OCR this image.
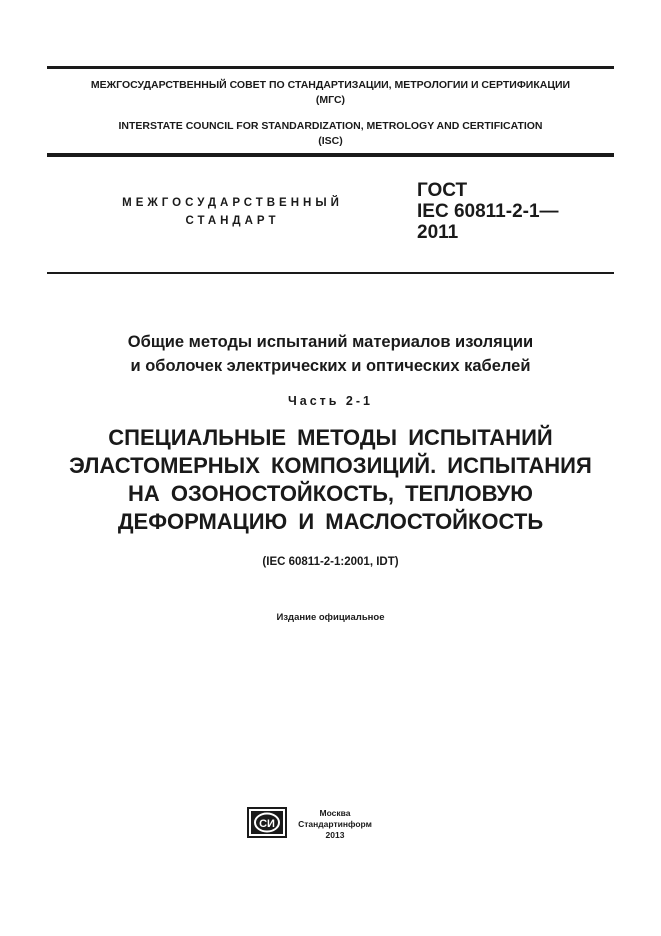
МЕЖГОСУДАРСТВЕННЫЙ СОВЕТ ПО СТАНДАРТИЗАЦИИ, МЕТРОЛОГИИ И СЕРТИФИКАЦИИ
(МГС)
INTERSTATE COUNCIL FOR STANDARDIZATION, METROLOGY AND CERTIFICATION
(ISC)
МЕЖГОСУДАРСТВЕННЫЙ
СТАНДАРТ
ГОСТ
IEC 60811-2-1—
2011
Общие методы испытаний материалов изоляции
и оболочек электрических и оптических кабелей
Часть 2-1
СПЕЦИАЛЬНЫЕ МЕТОДЫ ИСПЫТАНИЙ
ЭЛАСТОМЕРНЫХ КОМПОЗИЦИЙ. ИСПЫТАНИЯ
НА ОЗОНОСТОЙКОСТЬ, ТЕПЛОВУЮ
ДЕФОРМАЦИЮ И МАСЛОСТОЙКОСТЬ
(IEC 60811-2-1:2001, IDT)
Издание официальное
СИ
Москва
Стандартинформ
2013
